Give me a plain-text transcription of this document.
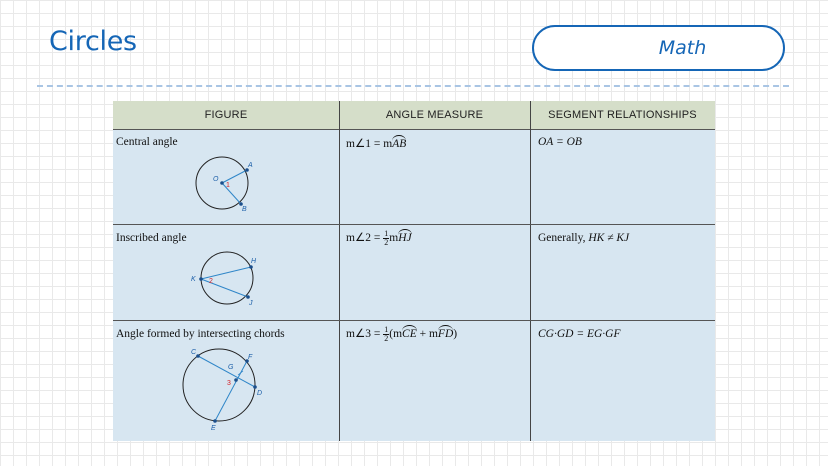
Circles	Math
FIGURE	ANGLE MEASURE	SEGMENT RELATIONSHIPS
Central angle	m∠1 = mAB	OA = OB
O
A
B
1
Inscribed angle	m∠2 = $\frac{1}{2}$ mHJ	Generally, HK ≠ KJ
K
H
J
2
Angle formed by intersecting chords	m∠3 = $\frac{1}{2} (mCE + mFD)$	CG·GD = EG·GF
C
G
F
D
E
3
